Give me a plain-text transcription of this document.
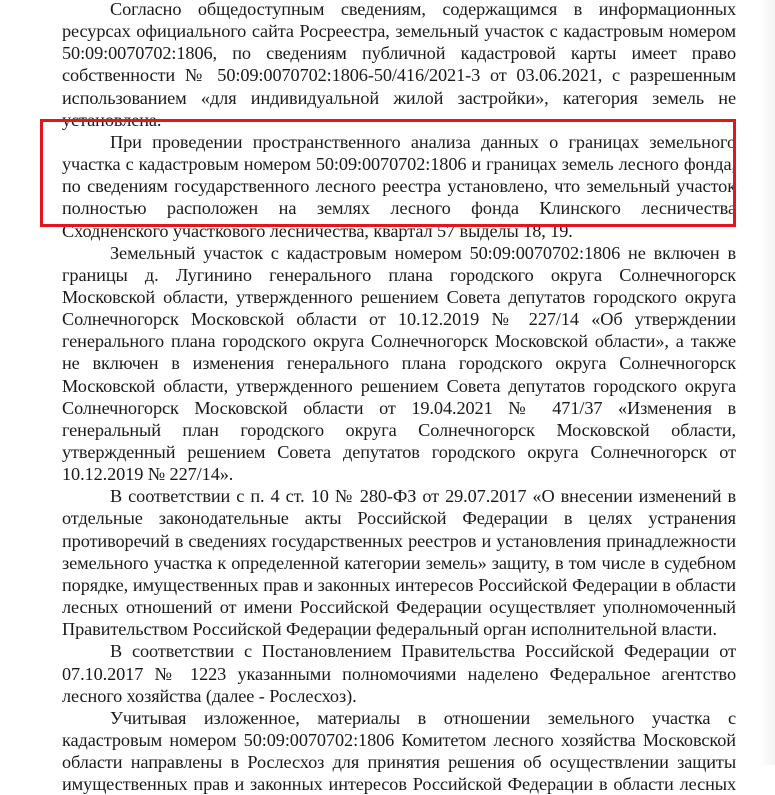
Согласно общедоступным сведениям, содержащимся в информационных
ресурсах официального сайта Росреестра, земельный участок с кадастровым номером
50:09:0070702:1806, по сведениям публичной кадастровой карты имеет право
собственности № 50:09:0070702:1806-50/416/2021-3 от 03.06.2021, с разрешенным
использованием «для индивидуальной жилой застройки», категория земель не
установлена.
При проведении пространственного анализа данных о границах земельного
участка с кадастровым номером 50:09:0070702:1806 и границах земель лесного фонда,
по сведениям государственного лесного реестра установлено, что земельный участок
полностью расположен на землях лесного фонда Клинского лесничества
Сходненского участкового лесничества, квартал 57 выделы 18, 19.
Земельный участок с кадастровым номером 50:09:0070702:1806 не включен в
границы д. Лугинино генерального плана городского округа Солнечногорск
Московской области, утвержденного решением Совета депутатов городского округа
Солнечногорск Московской области от 10.12.2019 № 227/14 «Об утверждении
генерального плана городского округа Солнечногорск Московской области», а также
не включен в изменения генерального плана городского округа Солнечногорск
Московской области, утвержденного решением Совета депутатов городского округа
Солнечногорск Московской области от 19.04.2021 № 471/37 «Изменения в
генеральный план городского округа Солнечногорск Московской области,
утвержденный решением Совета депутатов городского округа Солнечногорск от
10.12.2019 № 227/14».
В соответствии с п. 4 ст. 10 № 280-ФЗ от 29.07.2017 «О внесении изменений в
отдельные законодательные акты Российской Федерации в целях устранения
противоречий в сведениях государственных реестров и установления принадлежности
земельного участка к определенной категории земель» защиту, в том числе в судебном
порядке, имущественных прав и законных интересов Российской Федерации в области
лесных отношений от имени Российской Федерации осуществляет уполномоченный
Правительством Российской Федерации федеральный орган исполнительной власти.
В соответствии с Постановлением Правительства Российской Федерации от
07.10.2017 № 1223 указанными полномочиями наделено Федеральное агентство
лесного хозяйства (далее - Рослесхоз).
Учитывая изложенное, материалы в отношении земельного участка с
кадастровым номером 50:09:0070702:1806 Комитетом лесного хозяйства Московской
области направлены в Рослесхоз для принятия решения об осуществлении защиты
имущественных прав и законных интересов Российской Федерации в области лесных
